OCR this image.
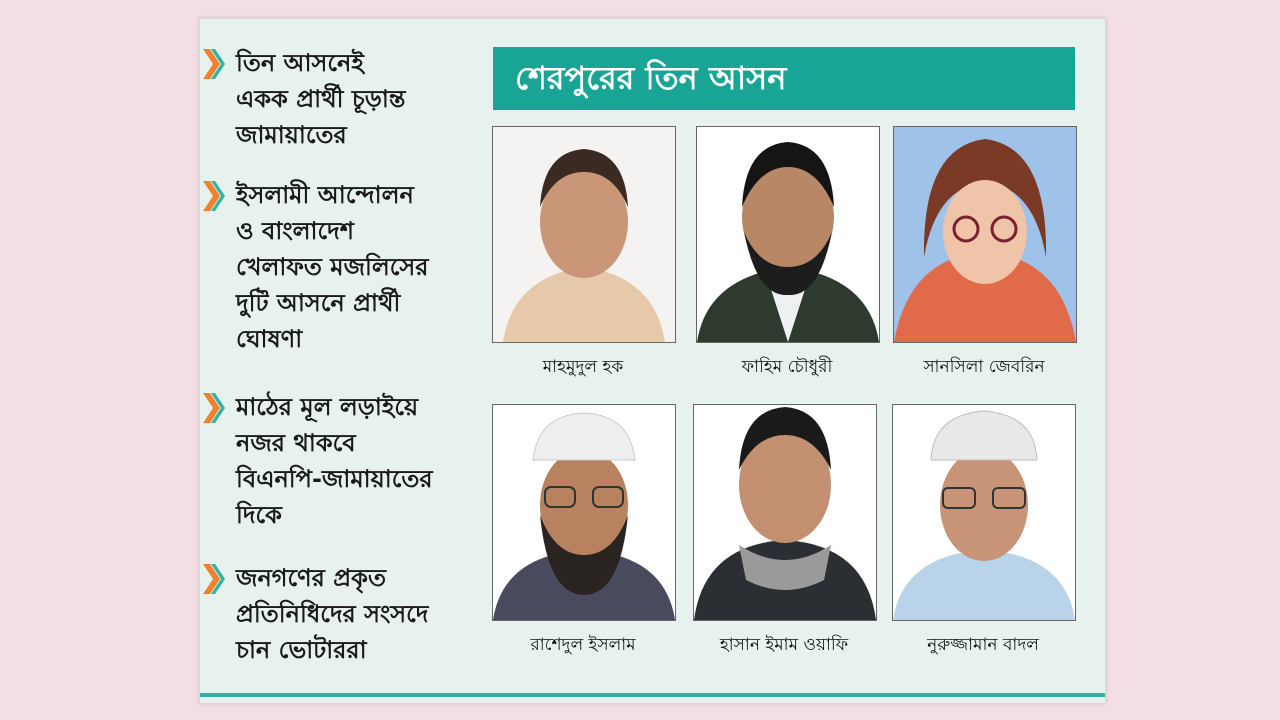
তিন আসনেই
একক প্রার্থী চূড়ান্ত
জামায়াতের
ইসলামী আন্দোলন
ও বাংলাদেশ
খেলাফত মজলিসের
দুটি আসনে প্রার্থী
ঘোষণা
মাঠের মূল লড়াইয়ে
নজর থাকবে
বিএনপি-জামায়াতের
দিকে
জনগণের প্রকৃত
প্রতিনিধিদের সংসদে
চান ভোটাররা
শেরপুরের তিন আসন
মাহমুদুল হক	ফাহিম চৌধুরী	সানসিলা জেবরিন
রাশেদুল ইসলাম	হাসান ইমাম ওয়াফি	নুরুজ্জামান বাদল
